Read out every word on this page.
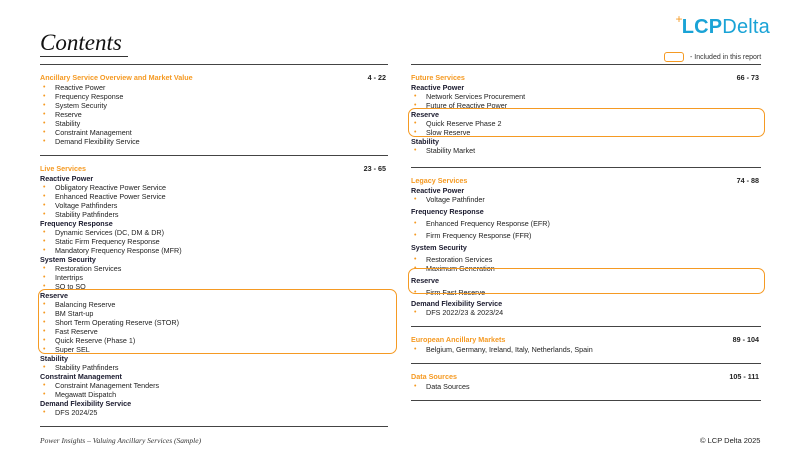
Contents
+LCPDelta
- Included in this report
Ancillary Service Overview and Market Value	4 - 22
• Reactive Power
• Frequency Response
• System Security
• Reserve
• Stability
• Constraint Management
• Demand Flexibility Service
Live Services	23 - 65
Reactive Power
• Obligatory Reactive Power Service
• Enhanced Reactive Power Service
• Voltage Pathfinders
• Stability Pathfinders
Frequency Response
• Dynamic Services (DC, DM & DR)
• Static Firm Frequency Response
• Mandatory Frequency Response (MFR)
System Security
• Restoration Services
• Intertrips
• SO to SO
Reserve
• Balancing Reserve
• BM Start-up
• Short Term Operating Reserve (STOR)
• Fast Reserve
• Quick Reserve (Phase 1)
• Super SEL
Stability
• Stability Pathfinders
Constraint Management
• Constraint Management Tenders
• Megawatt Dispatch
Demand Flexibility Service
• DFS 2024/25
Future Services	66 - 73
Reactive Power
• Network Services Procurement
• Future of Reactive Power
Reserve
• Quick Reserve Phase 2
• Slow Reserve
Stability
• Stability Market
Legacy Services	74 - 88
Reactive Power
• Voltage Pathfinder
Frequency Response
• Enhanced Frequency Response (EFR)
• Firm Frequency Response (FFR)
System Security
• Restoration Services
• Maximum Generation
Reserve
• Firm Fast Reserve
Demand Flexibility Service
• DFS 2022/23 & 2023/24
European Ancillary Markets	89 - 104
• Belgium, Germany, Ireland, Italy, Netherlands, Spain
Data Sources	105 - 111
• Data Sources
Power Insights – Valuing Ancillary Services (Sample)	© LCP Delta 2025
